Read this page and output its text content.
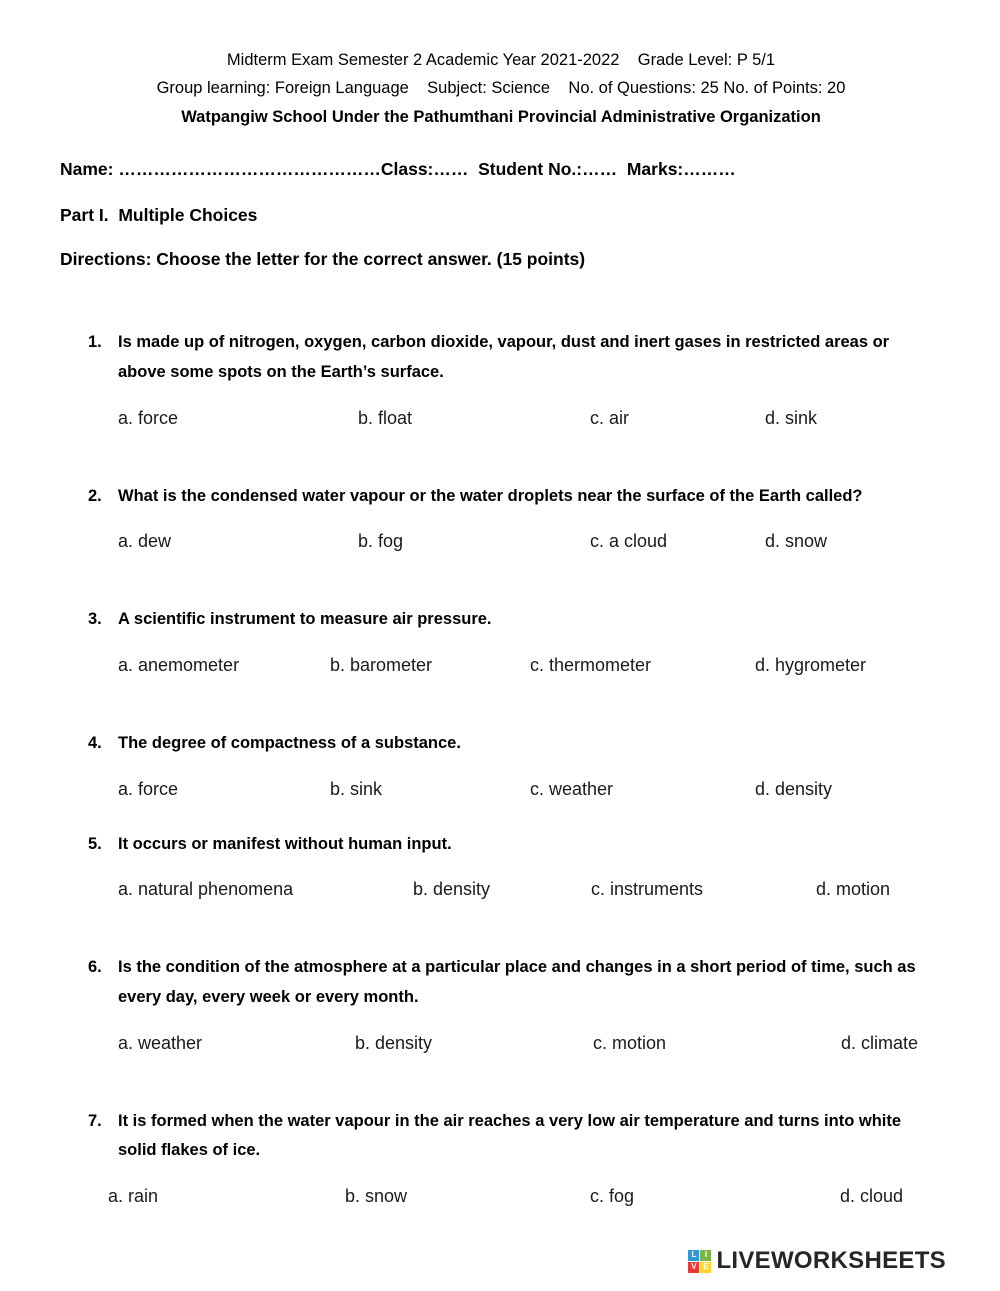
Midterm Exam Semester 2 Academic Year 2021-2022    Grade Level: P 5/1
Group learning: Foreign Language    Subject: Science    No. of Questions: 25 No. of Points: 20
Watpangiw School Under the Pathumthani Provincial Administrative Organization
Name: ………………………………………Class:……  Student No.:……  Marks:………
Part I.  Multiple Choices
Directions: Choose the letter for the correct answer. (15 points)
1. Is made up of nitrogen, oxygen, carbon dioxide, vapour, dust and inert gases in restricted areas or above some spots on the Earth’s surface.
a. force	b. float	c. air	d. sink
2. What is the condensed water vapour or the water droplets near the surface of the Earth called?
a. dew	b. fog	c. a cloud	d. snow
3. A scientific instrument to measure air pressure.
a. anemometer	b. barometer	c. thermometer	d. hygrometer
4. The degree of compactness of a substance.
a. force	b. sink	c. weather	d. density
5. It occurs or manifest without human input.
a. natural phenomena	b. density	c. instruments	d. motion
6. Is the condition of the atmosphere at a particular place and changes in a short period of time, such as every day, every week or every month.
a. weather	b. density	c. motion	d. climate
7. It is formed when the water vapour in the air reaches a very low air temperature and turns into white solid flakes of ice.
a. rain	b. snow	c. fog	d. cloud
L	I
V E LIVEWORKSHEETS
